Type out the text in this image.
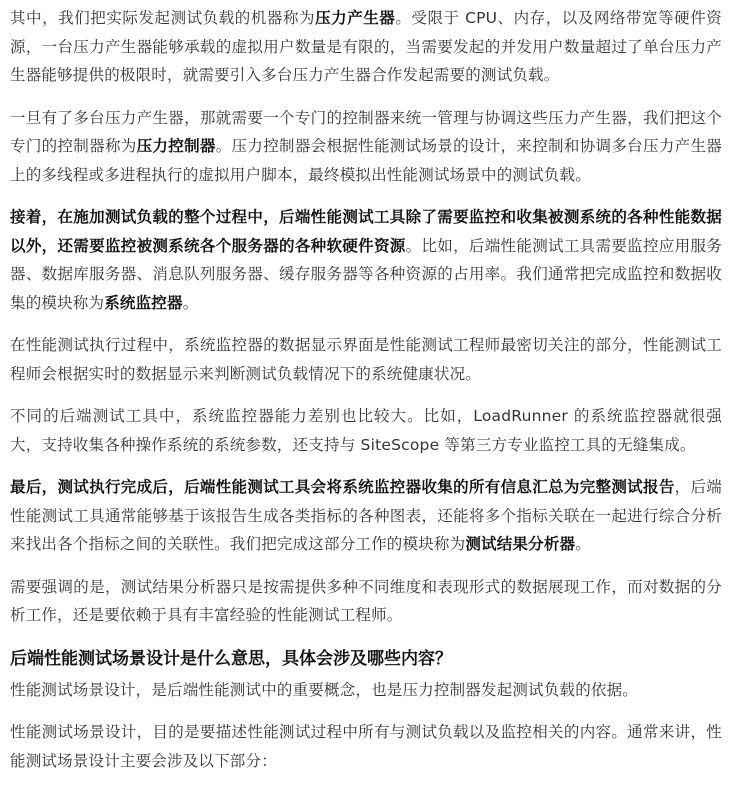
其中，我们把实际发起测试负载的机器称为压力产生器。受限于 CPU、内存，以及网络带宽等硬件资源，一台压力产生器能够承载的虚拟用户数量是有限的，当需要发起的并发用户数量超过了单台压力产生器能够提供的极限时，就需要引入多台压力产生器合作发起需要的测试负载。

一旦有了多台压力产生器，那就需要一个专门的控制器来统一管理与协调这些压力产生器，我们把这个专门的控制器称为压力控制器。压力控制器会根据性能测试场景的设计，来控制和协调多台压力产生器上的多线程或多进程执行的虚拟用户脚本，最终模拟出性能测试场景中的测试负载。

接着，在施加测试负载的整个过程中，后端性能测试工具除了需要监控和收集被测系统的各种性能数据以外，还需要监控被测系统各个服务器的各种软硬件资源。比如，后端性能测试工具需要监控应用服务器、数据库服务器、消息队列服务器、缓存服务器等各种资源的占用率。我们通常把完成监控和数据收集的模块称为系统监控器。

在性能测试执行过程中，系统监控器的数据显示界面是性能测试工程师最密切关注的部分，性能测试工程师会根据实时的数据显示来判断测试负载情况下的系统健康状况。

不同的后端测试工具中，系统监控器能力差别也比较大。比如，LoadRunner 的系统监控器就很强大，支持收集各种操作系统的系统参数，还支持与 SiteScope 等第三方专业监控工具的无缝集成。

最后，测试执行完成后，后端性能测试工具会将系统监控器收集的所有信息汇总为完整测试报告，后端性能测试工具通常能够基于该报告生成各类指标的各种图表，还能将多个指标关联在一起进行综合分析来找出各个指标之间的关联性。我们把完成这部分工作的模块称为测试结果分析器。

需要强调的是，测试结果分析器只是按需提供多种不同维度和表现形式的数据展现工作，而对数据的分析工作，还是要依赖于具有丰富经验的性能测试工程师。

后端性能测试场景设计是什么意思，具体会涉及哪些内容？

性能测试场景设计，是后端性能测试中的重要概念，也是压力控制器发起测试负载的依据。

性能测试场景设计，目的是要描述性能测试过程中所有与测试负载以及监控相关的内容。通常来讲，性能测试场景设计主要会涉及以下部分：
